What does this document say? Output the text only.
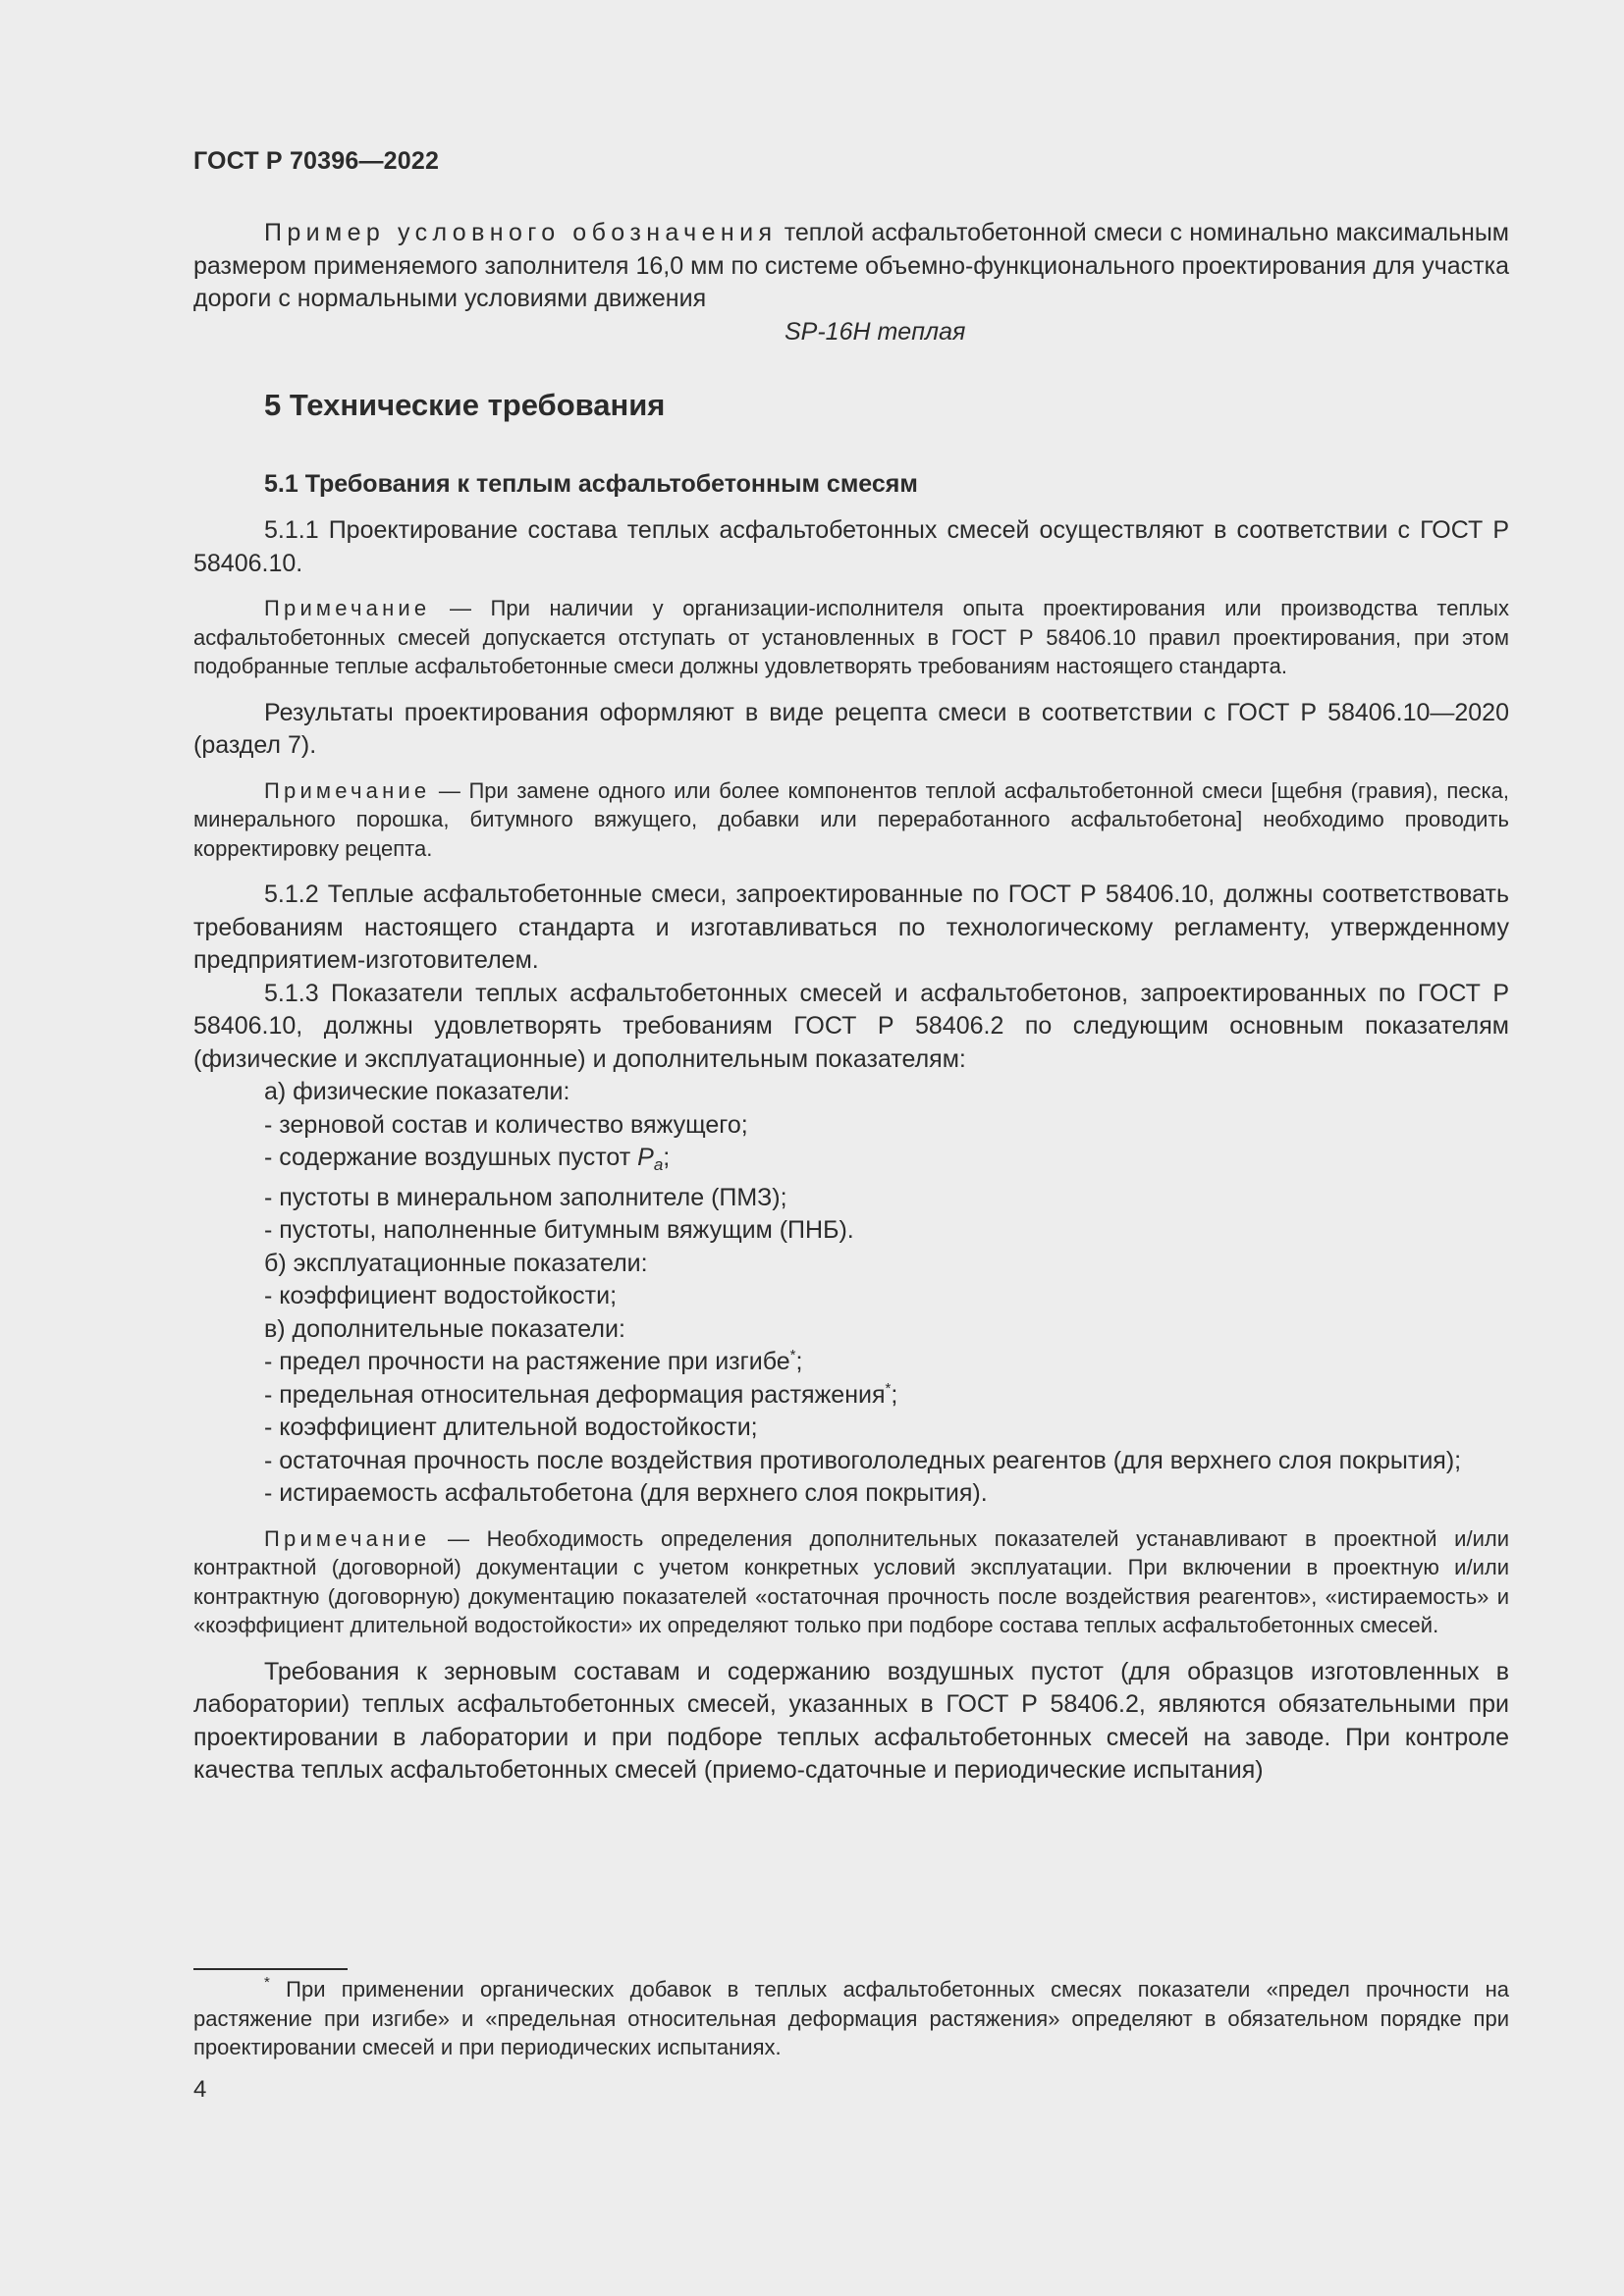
ГОСТ Р 70396—2022

Пример условного обозначения теплой асфальтобетонной смеси с номинально максимальным размером применяемого заполнителя 16,0 мм по системе объемно-функционального проектирования для участка дороги с нормальными условиями движения

SP-16H теплая
5 Технические требования
5.1 Требования к теплым асфальтобетонным смесям

5.1.1 Проектирование состава теплых асфальтобетонных смесей осуществляют в соответствии с ГОСТ Р 58406.10.

Примечание — При наличии у организации-исполнителя опыта проектирования или производства теплых асфальтобетонных смесей допускается отступать от установленных в ГОСТ Р 58406.10 правил проектирования, при этом подобранные теплые асфальтобетонные смеси должны удовлетворять требованиям настоящего стандарта.

Результаты проектирования оформляют в виде рецепта смеси в соответствии с ГОСТ Р 58406.10—2020 (раздел 7).

Примечание — При замене одного или более компонентов теплой асфальтобетонной смеси [щебня (гравия), песка, минерального порошка, битумного вяжущего, добавки или переработанного асфальтобетона] необходимо проводить корректировку рецепта.

5.1.2 Теплые асфальтобетонные смеси, запроектированные по ГОСТ Р 58406.10, должны соответствовать требованиям настоящего стандарта и изготавливаться по технологическому регламенту, утвержденному предприятием-изготовителем.

5.1.3 Показатели теплых асфальтобетонных смесей и асфальтобетонов, запроектированных по ГОСТ Р 58406.10, должны удовлетворять требованиям ГОСТ Р 58406.2 по следующим основным показателям (физические и эксплуатационные) и дополнительным показателям:

а) физические показатели:
- зерновой состав и количество вяжущего;
- содержание воздушных пустот $P_a$;
- пустоты в минеральном заполнителе (ПМЗ);
- пустоты, наполненные битумным вяжущим (ПНБ).
б) эксплуатационные показатели:
- коэффициент водостойкости;
в) дополнительные показатели:
- предел прочности на растяжение при изгибе*;
- предельная относительная деформация растяжения*;
- коэффициент длительной водостойкости;
- остаточная прочность после воздействия противогололедных реагентов (для верхнего слоя покрытия);
- истираемость асфальтобетона (для верхнего слоя покрытия).

Примечание — Необходимость определения дополнительных показателей устанавливают в проектной и/или контрактной (договорной) документации с учетом конкретных условий эксплуатации. При включении в проектную и/или контрактную (договорную) документацию показателей «остаточная прочность после воздействия реагентов», «истираемость» и «коэффициент длительной водостойкости» их определяют только при подборе состава теплых асфальтобетонных смесей.

Требования к зерновым составам и содержанию воздушных пустот (для образцов изготовленных в лаборатории) теплых асфальтобетонных смесей, указанных в ГОСТ Р 58406.2, являются обязательными при проектировании в лаборатории и при подборе теплых асфальтобетонных смесей на заводе. При контроле качества теплых асфальтобетонных смесей (приемо-сдаточные и периодические испытания)

* При применении органических добавок в теплых асфальтобетонных смесях показатели «предел прочности на растяжение при изгибе» и «предельная относительная деформация растяжения» определяют в обязательном порядке при проектировании смесей и при периодических испытаниях.

4
